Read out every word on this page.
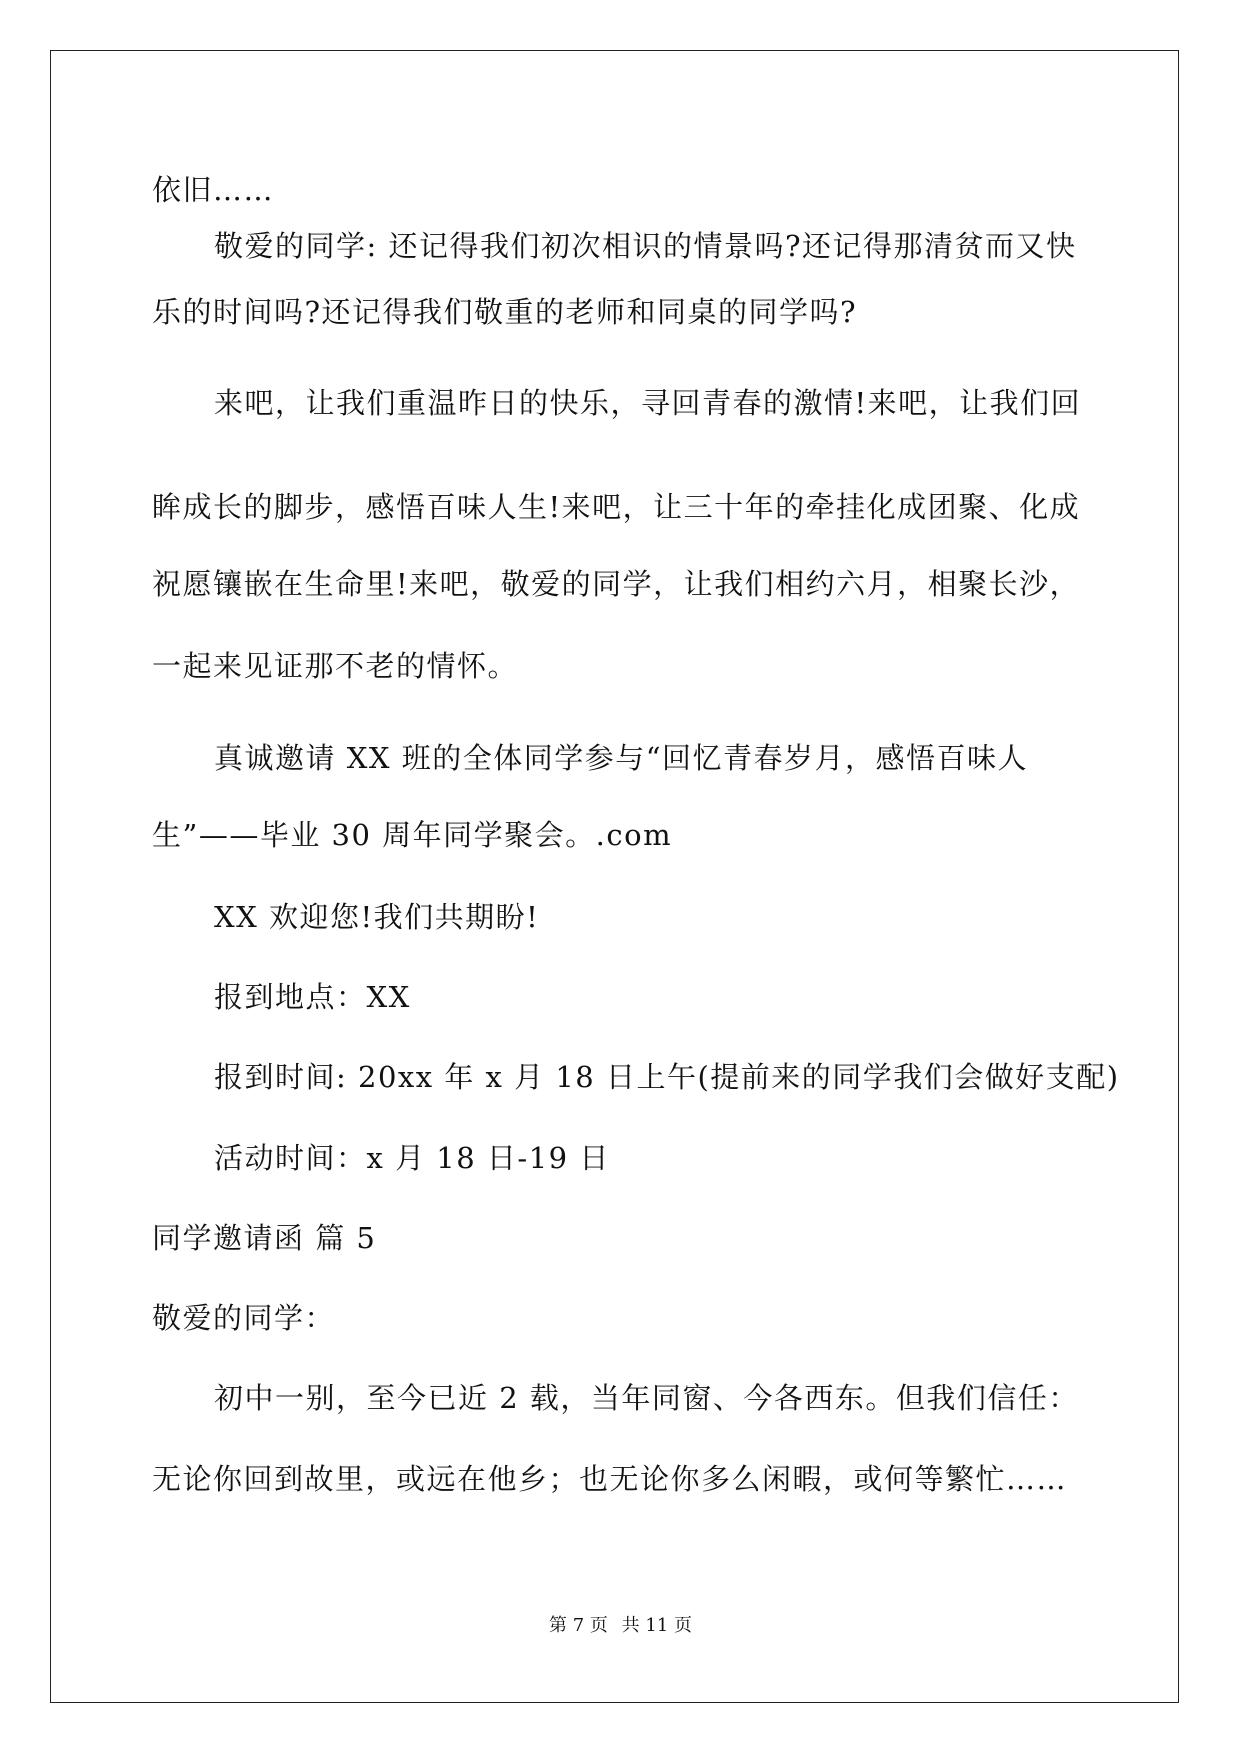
依旧……
敬爱的同学: 还记得我们初次相识的情景吗?还记得那清贫而又快
乐的时间吗?还记得我们敬重的老师和同桌的同学吗?
来吧，让我们重温昨日的快乐，寻回青春的激情!来吧，让我们回
眸成长的脚步，感悟百味人生!来吧，让三十年的牵挂化成团聚、化成
祝愿镶嵌在生命里!来吧，敬爱的同学，让我们相约六月，相聚长沙，
一起来见证那不老的情怀。
真诚邀请 XX 班的全体同学参与“回忆青春岁月，感悟百味人
生”——毕业 30 周年同学聚会。.com
XX 欢迎您!我们共期盼!
报到地点：XX
报到时间: 20xx 年 x 月 18 日上午(提前来的同学我们会做好支配)
活动时间：x 月 18 日-19 日
同学邀请函 篇 5
敬爱的同学：
初中一别，至今已近 2 载，当年同窗、今各西东。但我们信任：
无论你回到故里，或远在他乡；也无论你多么闲暇，或何等繁忙……
第 7 页 共 11 页
